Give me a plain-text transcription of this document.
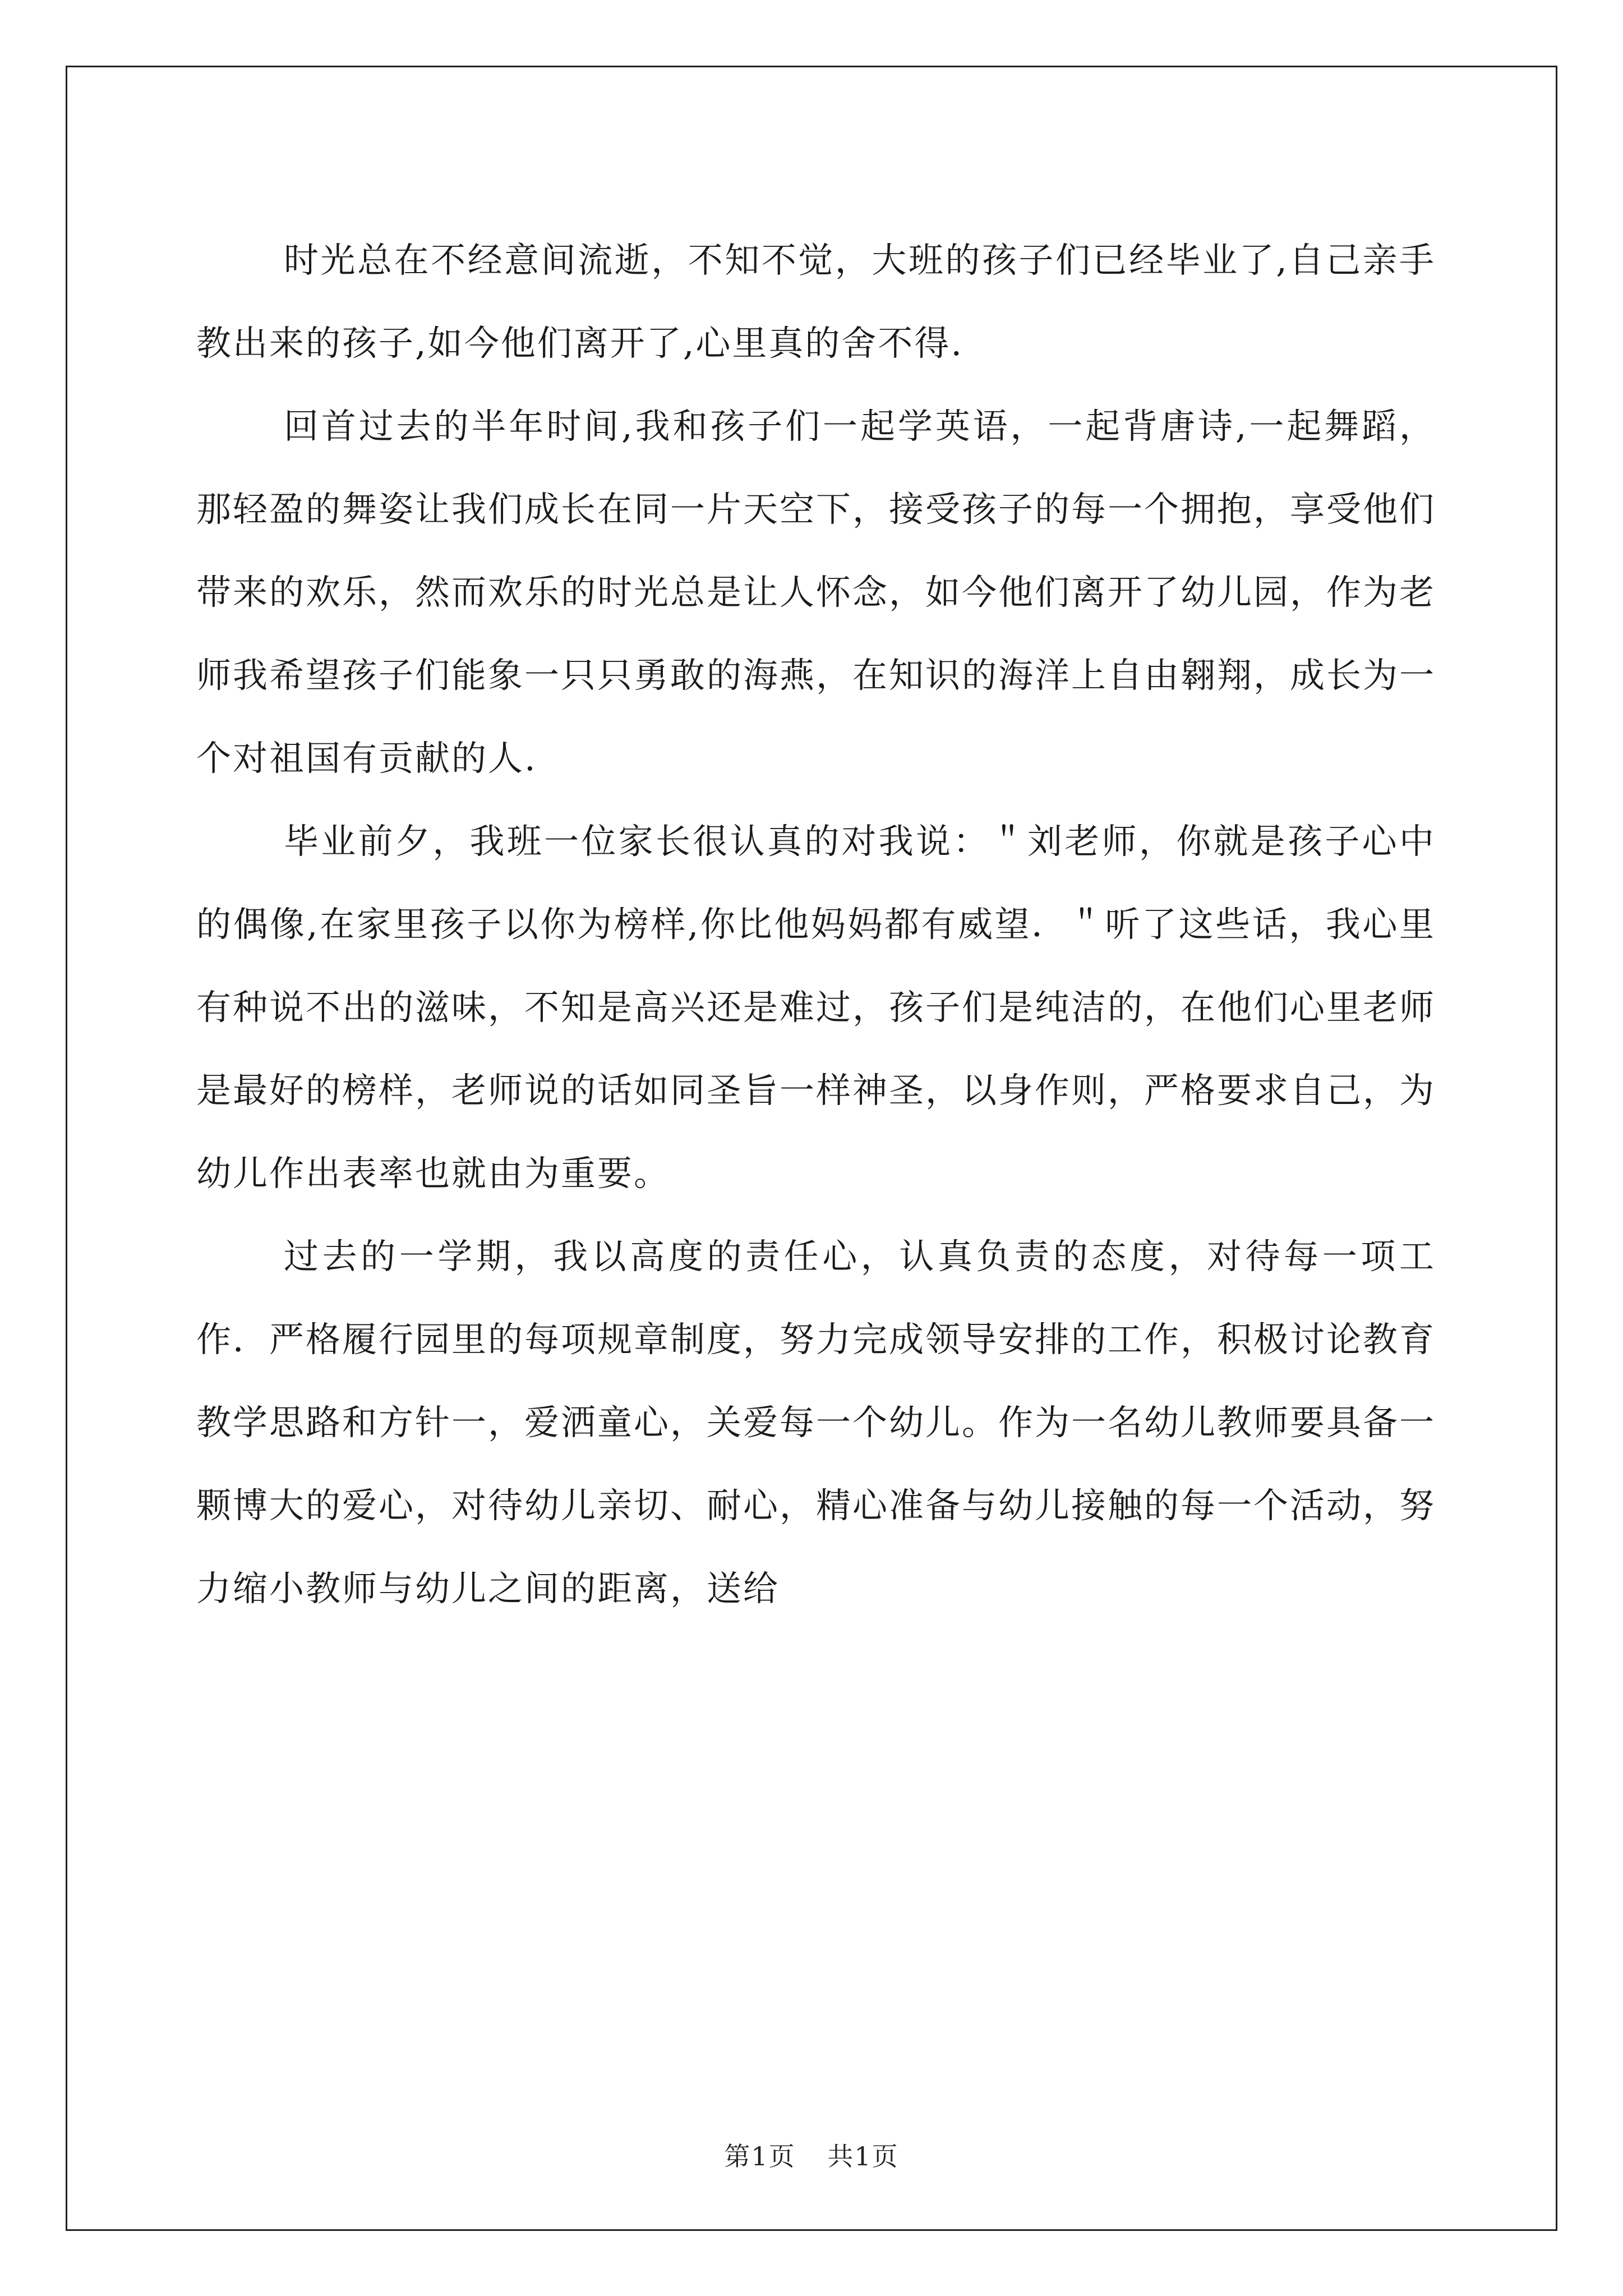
时光总在不经意间流逝，不知不觉，大班的孩子们已经毕业了,自己亲手教出来的孩子,如今他们离开了,心里真的舍不得.

回首过去的半年时间,我和孩子们一起学英语，一起背唐诗,一起舞蹈，那轻盈的舞姿让我们成长在同一片天空下，接受孩子的每一个拥抱，享受他们带来的欢乐，然而欢乐的时光总是让人怀念，如今他们离开了幼儿园，作为老师我希望孩子们能象一只只勇敢的海燕，在知识的海洋上自由翱翔，成长为一个对祖国有贡献的人.

毕业前夕，我班一位家长很认真的对我说：＂刘老师，你就是孩子心中的偶像,在家里孩子以你为榜样,你比他妈妈都有威望．＂听了这些话，我心里有种说不出的滋味，不知是高兴还是难过，孩子们是纯洁的，在他们心里老师是最好的榜样，老师说的话如同圣旨一样神圣，以身作则，严格要求自己，为幼儿作出表率也就由为重要。

过去的一学期，我以高度的责任心，认真负责的态度，对待每一项工作．严格履行园里的每项规章制度，努力完成领导安排的工作，积极讨论教育教学思路和方针一，爱洒童心，关爱每一个幼儿。作为一名幼儿教师要具备一颗博大的爱心，对待幼儿亲切、耐心，精心准备与幼儿接触的每一个活动，努力缩小教师与幼儿之间的距离，送给

第1页 共1页
